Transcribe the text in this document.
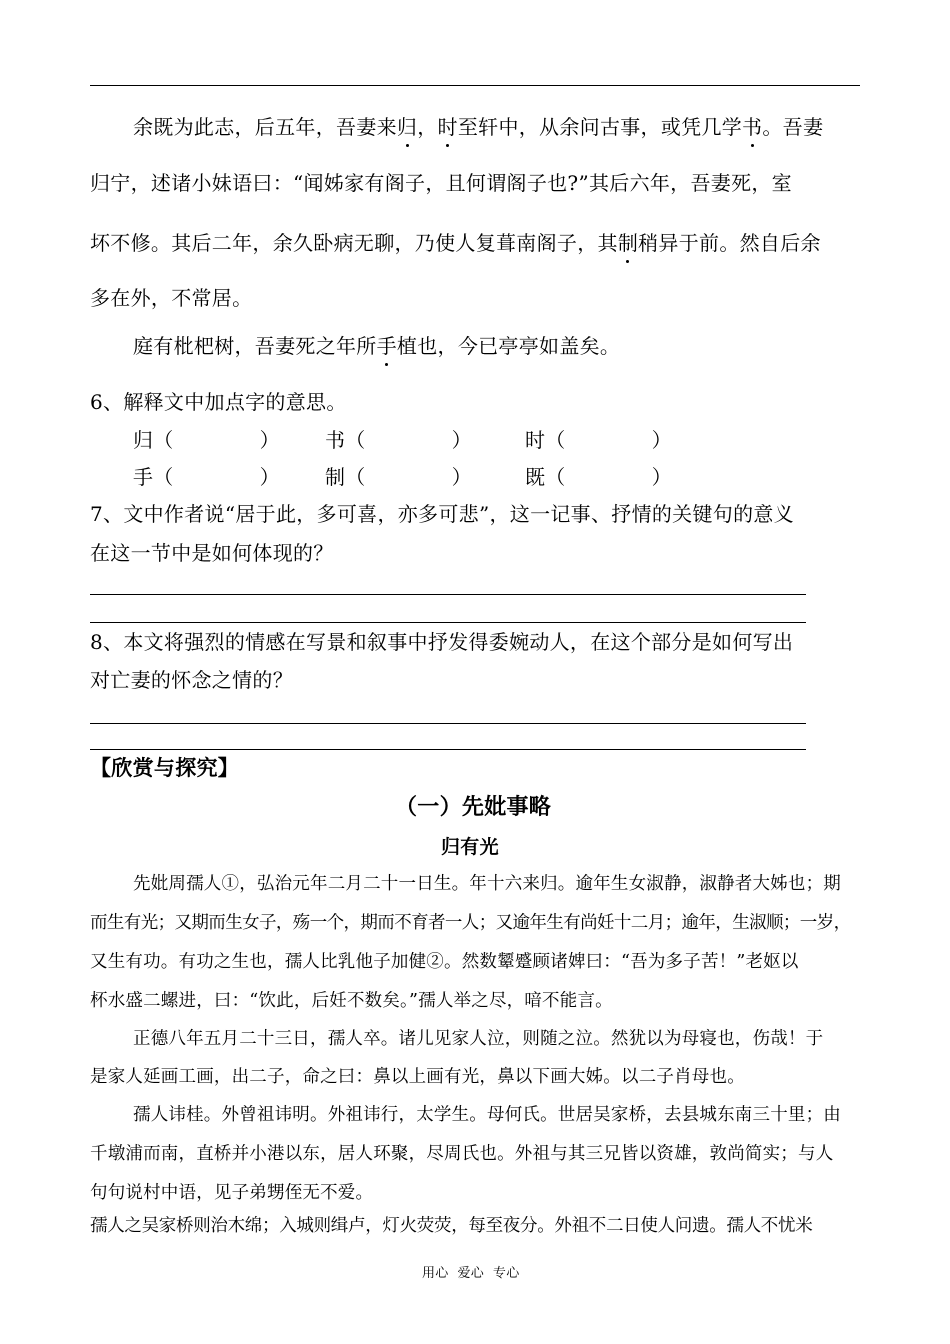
余既为此志，后五年，吾妻来归，时至轩中，从余问古事，或凭几学书。吾妻
归宁，述诸小妹语曰：“闻姊家有阁子，且何谓阁子也?”其后六年，吾妻死，室
坏不修。其后二年，余久卧病无聊，乃使人复葺南阁子，其制稍异于前。然自后余
多在外，不常居。
庭有枇杷树，吾妻死之年所手植也，今已亭亭如盖矣。
6、解释文中加点字的意思。
归（	） 书（	）	时（	）
手（	） 制（	）	既（	）
7、文中作者说“居于此，多可喜，亦多可悲”，这一记事、抒情的关键句的意义
在这一节中是如何体现的？
8、本文将强烈的情感在写景和叙事中抒发得委婉动人，在这个部分是如何写出
对亡妻的怀念之情的？
【欣赏与探究】
（一）先妣事略
归有光
先妣周孺人①，弘治元年二月二十一日生。年十六来归。逾年生女淑静，淑静者大姊也；期
而生有光；又期而生女子，殇一个，期而不育者一人；又逾年生有尚妊十二月；逾年，生淑顺；一岁，
又生有功。有功之生也，孺人比乳他子加健②。然数颦蹙顾诸婢曰：“吾为多子苦！”老妪以
杯水盛二螺进，曰：“饮此，后妊不数矣。”孺人举之尽，喑不能言。
正德八年五月二十三日，孺人卒。诸儿见家人泣，则随之泣。然犹以为母寝也，伤哉！于
是家人延画工画，出二子，命之曰：鼻以上画有光，鼻以下画大姊。以二子肖母也。
孺人讳桂。外曾祖讳明。外祖讳行，太学生。母何氏。世居吴家桥，去县城东南三十里；由
千墩浦而南，直桥并小港以东，居人环聚，尽周氏也。外祖与其三兄皆以资雄，敦尚简实；与人
句句说村中语，见子弟甥侄无不爱。
孺人之吴家桥则治木绵；入城则缉卢，灯火荧荧，每至夜分。外祖不二日使人问遗。孺人不忧米
用心  爱心  专心
